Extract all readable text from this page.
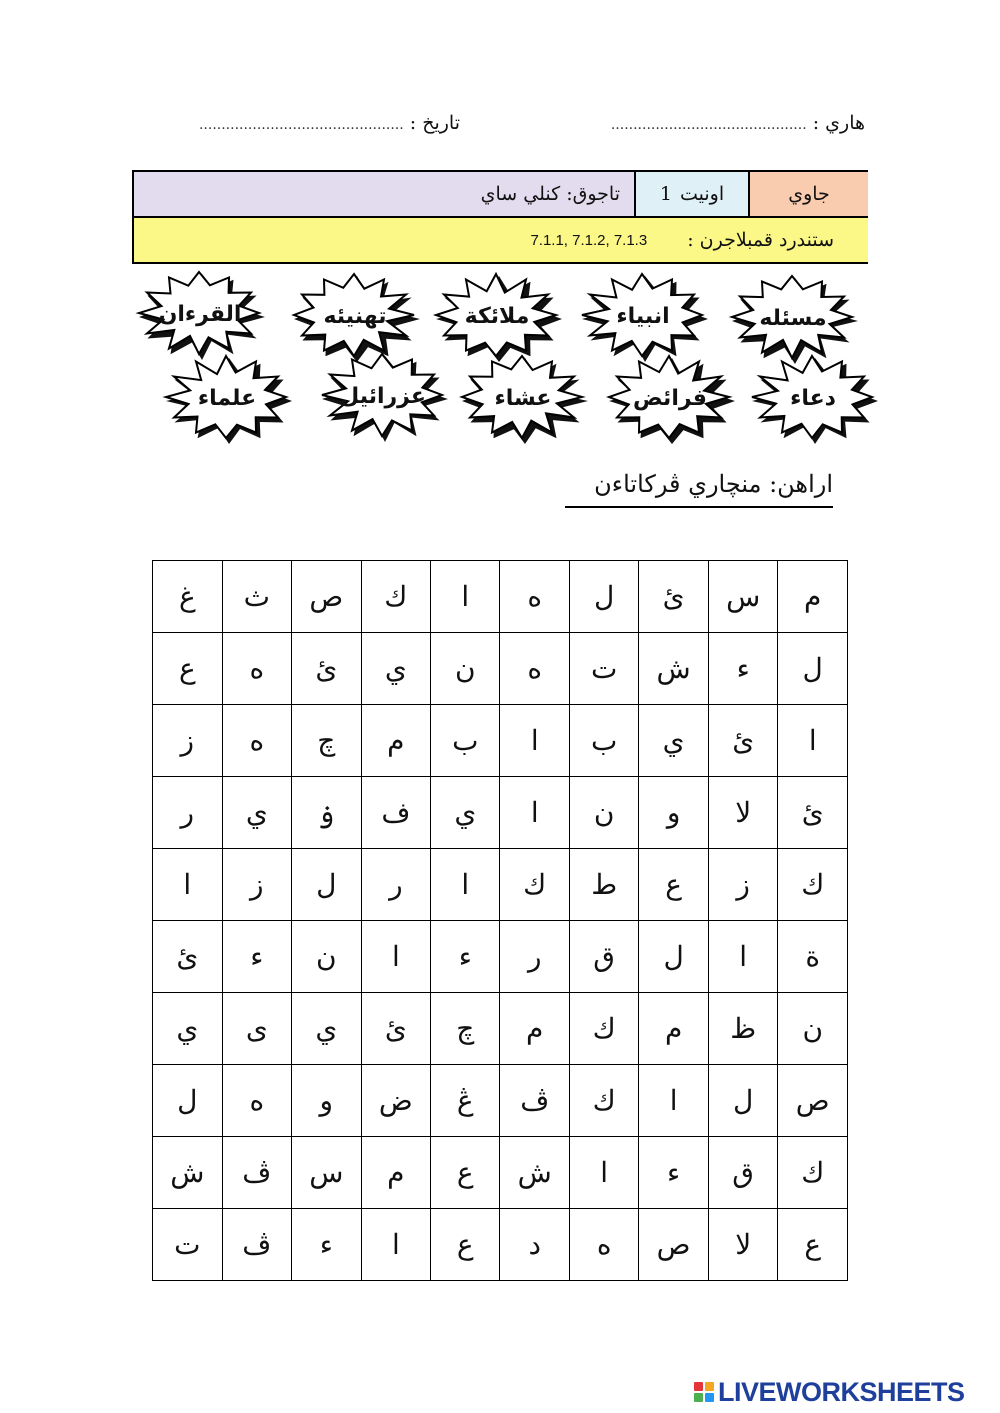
هاري : ............................................
تاريخ : ..............................................
جاوي
اونيت
1
تاجوق: كنلي ساي
ستندرد قمبلاجرن :
7.1.1, 7.1.2, 7.1.3
مسئله
انبياء
ملائكة
تهنيئه
القرءان
دعاء
فرائض
عشاء
عزرائيل
علماء
اراهن: منچاري ڤركاتاءن
م	س	ئ	ل	ه	ا	ك	ص	ث	غ
ل	ء	ش	ت	ه	ن	ي	ئ	ه	ع
ا	ئ	ي	ب	ا	ب	م	چ	ه	ز
ئ	لا	و	ن	ا	ي	ف	ۏ	ي	ر
ك	ز	ع	ط	ك	ا	ر	ل	ز	ا
ة	ا	ل	ق	ر	ء	ا	ن	ء	ئ
ن	ظ	م	ك	م	چ	ئ	ي	ى	ي
ص	ل	ا	ك	ڤ	ڠ	ض	و	ه	ل
ك	ق	ء	ا	ش	ع	م	س	ڤ	ش
ع	لا	ص	ه	د	ع	ا	ء	ڤ	ت
LIVEWORKSHEETS
